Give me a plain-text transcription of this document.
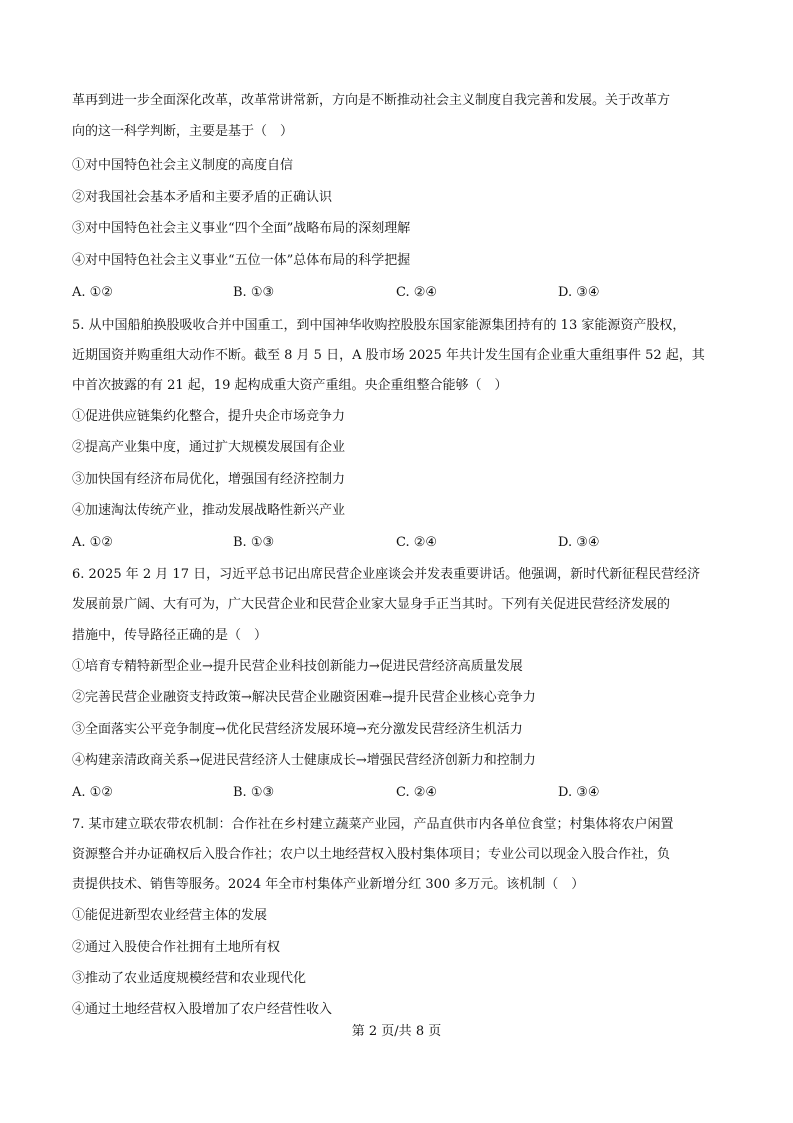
革再到进一步全面深化改革，改革常讲常新，方向是不断推动社会主义制度自我完善和发展。关于改革方
向的这一科学判断，主要是基于（　）
①对中国特色社会主义制度的高度自信
②对我国社会基本矛盾和主要矛盾的正确认识
③对中国特色社会主义事业“四个全面”战略布局的深刻理解
④对中国特色社会主义事业“五位一体”总体布局的科学把握
A. ①②	B. ①③	C. ②④	D. ③④
5. 从中国船舶换股吸收合并中国重工，到中国神华收购控股股东国家能源集团持有的 13 家能源资产股权，
近期国资并购重组大动作不断。截至 8 月 5 日，A 股市场 2025 年共计发生国有企业重大重组事件 52 起，其
中首次披露的有 21 起，19 起构成重大资产重组。央企重组整合能够（　）
①促进供应链集约化整合，提升央企市场竞争力
②提高产业集中度，通过扩大规模发展国有企业
③加快国有经济布局优化，增强国有经济控制力
④加速淘汰传统产业，推动发展战略性新兴产业
A. ①②	B. ①③	C. ②④	D. ③④
6. 2025 年 2 月 17 日，习近平总书记出席民营企业座谈会并发表重要讲话。他强调，新时代新征程民营经济
发展前景广阔、大有可为，广大民营企业和民营企业家大显身手正当其时。下列有关促进民营经济发展的
措施中，传导路径正确的是（　）
①培育专精特新型企业→提升民营企业科技创新能力→促进民营经济高质量发展
②完善民营企业融资支持政策→解决民营企业融资困难→提升民营企业核心竞争力
③全面落实公平竞争制度→优化民营经济发展环境→充分激发民营经济生机活力
④构建亲清政商关系→促进民营经济人士健康成长→增强民营经济创新力和控制力
A. ①②	B. ①③	C. ②④	D. ③④
7. 某市建立联农带农机制：合作社在乡村建立蔬菜产业园，产品直供市内各单位食堂；村集体将农户闲置
资源整合并办证确权后入股合作社；农户以土地经营权入股村集体项目；专业公司以现金入股合作社，负
责提供技术、销售等服务。2024 年全市村集体产业新增分红 300 多万元。该机制（　）
①能促进新型农业经营主体的发展
②通过入股使合作社拥有土地所有权
③推动了农业适度规模经营和农业现代化
④通过土地经营权入股增加了农户经营性收入
第 2 页/共 8 页
